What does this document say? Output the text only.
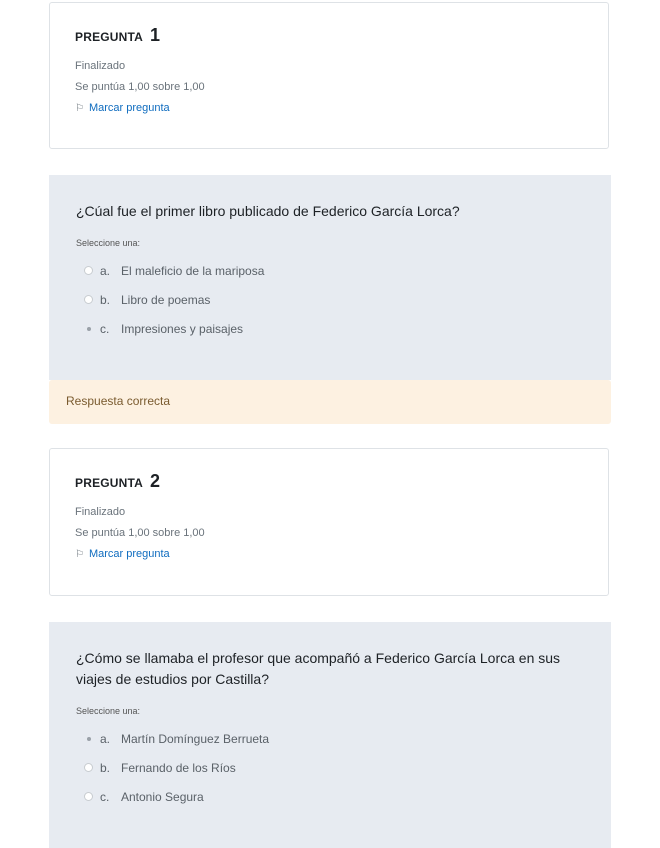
PREGUNTA 1
Finalizado
Se puntúa 1,00 sobre 1,00
⚐ Marcar pregunta

¿Cúal fue el primer libro publicado de Federico García Lorca?

Seleccione una:
a. El maleficio de la mariposa
b. Libro de poemas
c. Impresiones y paisajes
Respuesta correcta
PREGUNTA 2
Finalizado
Se puntúa 1,00 sobre 1,00
⚐ Marcar pregunta

¿Cómo se llamaba el profesor que acompañó a Federico García Lorca en sus viajes de estudios por Castilla?

Seleccione una:
a. Martín Domínguez Berrueta
b. Fernando de los Ríos
c. Antonio Segura
